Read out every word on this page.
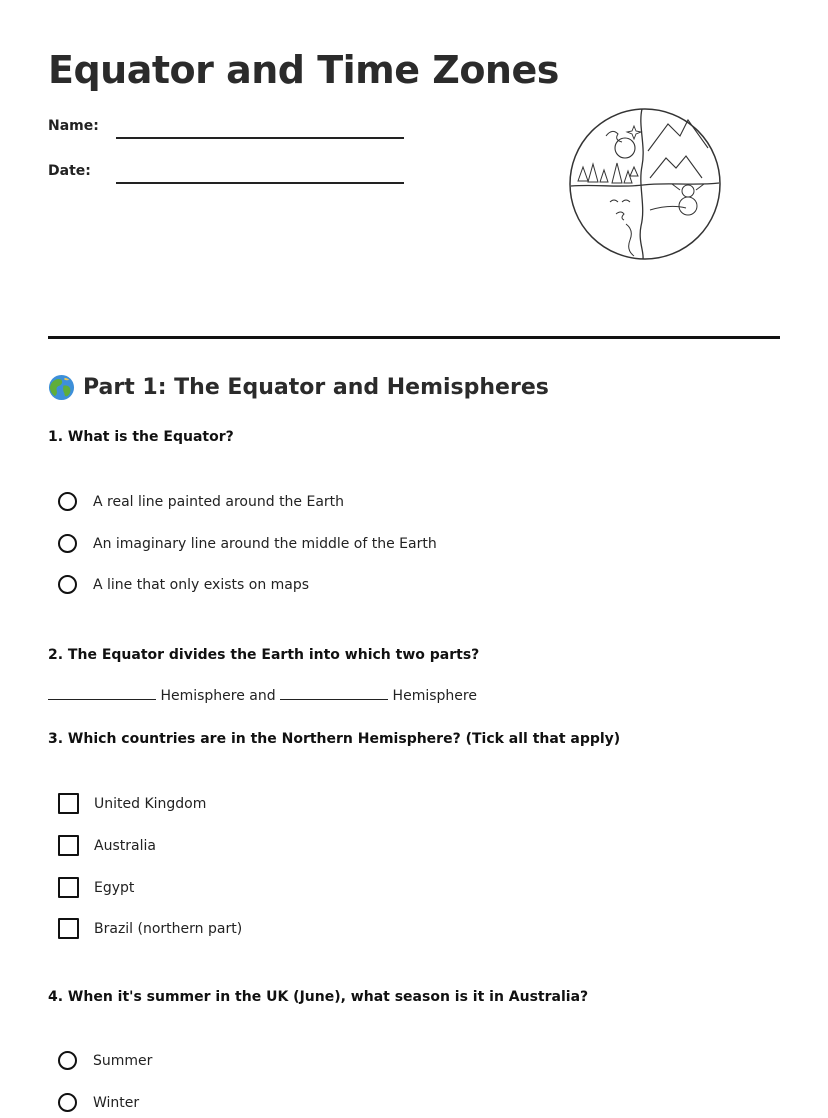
Equator and Time Zones
Name:
Date:
Part 1: The Equator and Hemispheres
1. What is the Equator?
A real line painted around the Earth
An imaginary line around the middle of the Earth
A line that only exists on maps
2. The Equator divides the Earth into which two parts?
Hemisphere and	Hemisphere
3. Which countries are in the Northern Hemisphere? (Tick all that apply)
United Kingdom
Australia
Egypt
Brazil (northern part)
4. When it's summer in the UK (June), what season is it in Australia?
Summer
Winter
